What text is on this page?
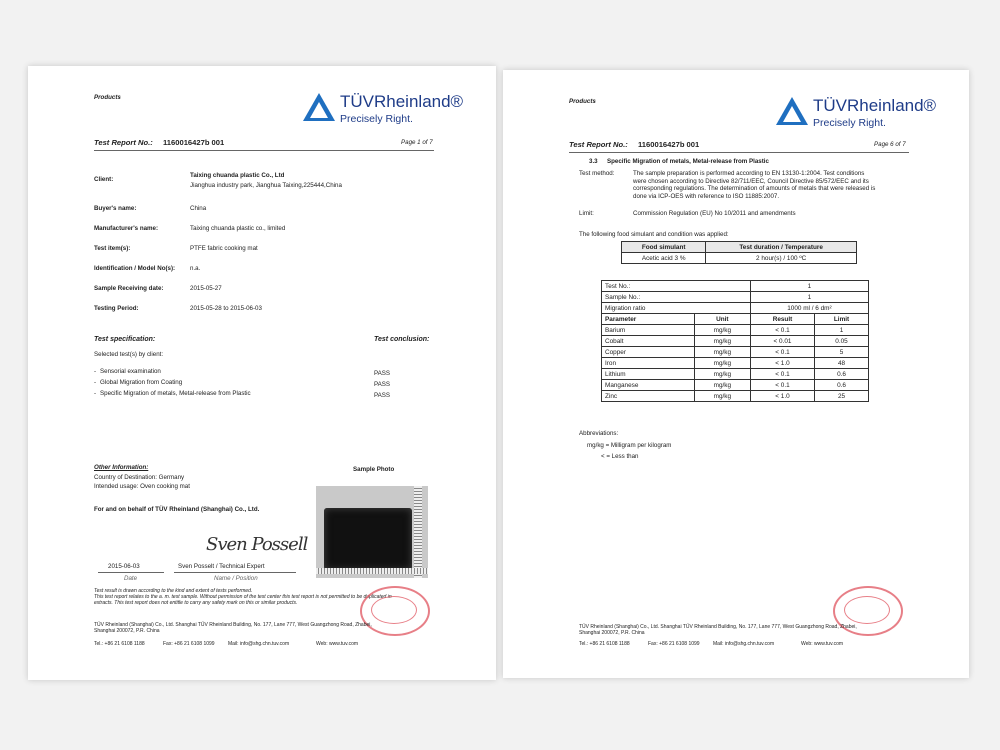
Products	TÜVRheinland®
Precisely Right.
Test Report No.: 1160016427b 001	Page 1 of 7
Client:
Taixing chuanda plastic Co., Ltd
Jianghua industry park, Jianghua Taixing,225444,China
Buyer's name:	China
Manufacturer's name:	Taixing chuanda plastic co., limited
Test item(s):	PTFE fabric cooking mat
Identification / Model No(s): n.a.
Sample Receiving date:	2015-05-27
Testing Period:	2015-05-28 to 2015-06-03
Test specification:	Test conclusion:
Selected test(s) by client:
- Sensorial examination	PASS
- Global Migration from Coating	PASS
- Specific Migration of metals, Metal-release from Plastic	PASS
Other Information:
Country of Destination: Germany
Intended usage: Oven cooking mat
Sample Photo
For and on behalf of TÜV Rheinland (Shanghai) Co., Ltd.
Sven Possell
2015-06-03
Date
Sven Posselt / Technical Expert
Name / Position
Test result is drawn according to the kind and extent of tests performed.
This test report relates to the a. m. test sample. Without permission of the test center this test report is not permitted to be duplicated in
extracts. This test report does not entitle to carry any safety mark on this or similar products.
TÜV Rheinland (Shanghai) Co., Ltd. Shanghai TÜV Rheinland Building, No. 177, Lane 777, West Guangzhong Road, Zhabei,
Shanghai 200072, P.R. China
Tel.: +86 21 6108 1188	Fax: +86 21 6108 1099	Mail: info@shg.chn.tuv.com	Web: www.tuv.com
Products	TÜVRheinland®
Precisely Right.
Test Report No.: 1160016427b 001	Page 6 of 7
3.3 Specific Migration of metals, Metal-release from Plastic
Test method:	The sample preparation is performed according to EN 13130-1:2004. Test conditions
were chosen according to Directive 82/711/EEC, Council Directive 85/572/EEC and its
corresponding regulations. The determination of amounts of metals that were released is
done via ICP-OES with reference to ISO 11885:2007.
Limit:	Commission Regulation (EU) No 10/2011 and amendments
The following food simulant and condition was applied:
Food simulant	Test duration / Temperature
Acetic acid 3 %	2 hour(s) / 100 ºC
Test No.:		1	
Sample No.:		1	
Migration ratio		1000 ml / 6 dm²	
Parameter	Unit	Result	Limit
Barium	mg/kg	< 0.1	1
Cobalt	mg/kg	< 0.01	0.05
Copper	mg/kg	< 0.1	5
Iron	mg/kg	< 1.0	48
Lithium	mg/kg	< 0.1	0.6
Manganese	mg/kg	< 0.1	0.6
Zinc	mg/kg	< 1.0	25
Abbreviations:
mg/kg = Milligram per kilogram
< = Less than
TÜV Rheinland (Shanghai) Co., Ltd. Shanghai TÜV Rheinland Building, No. 177, Lane 777, West Guangzhong Road, Zhabei,
Shanghai 200072, P.R. China
Tel.: +86 21 6108 1188	Fax: +86 21 6108 1099	Mail: info@shg.chn.tuv.com	Web: www.tuv.com
